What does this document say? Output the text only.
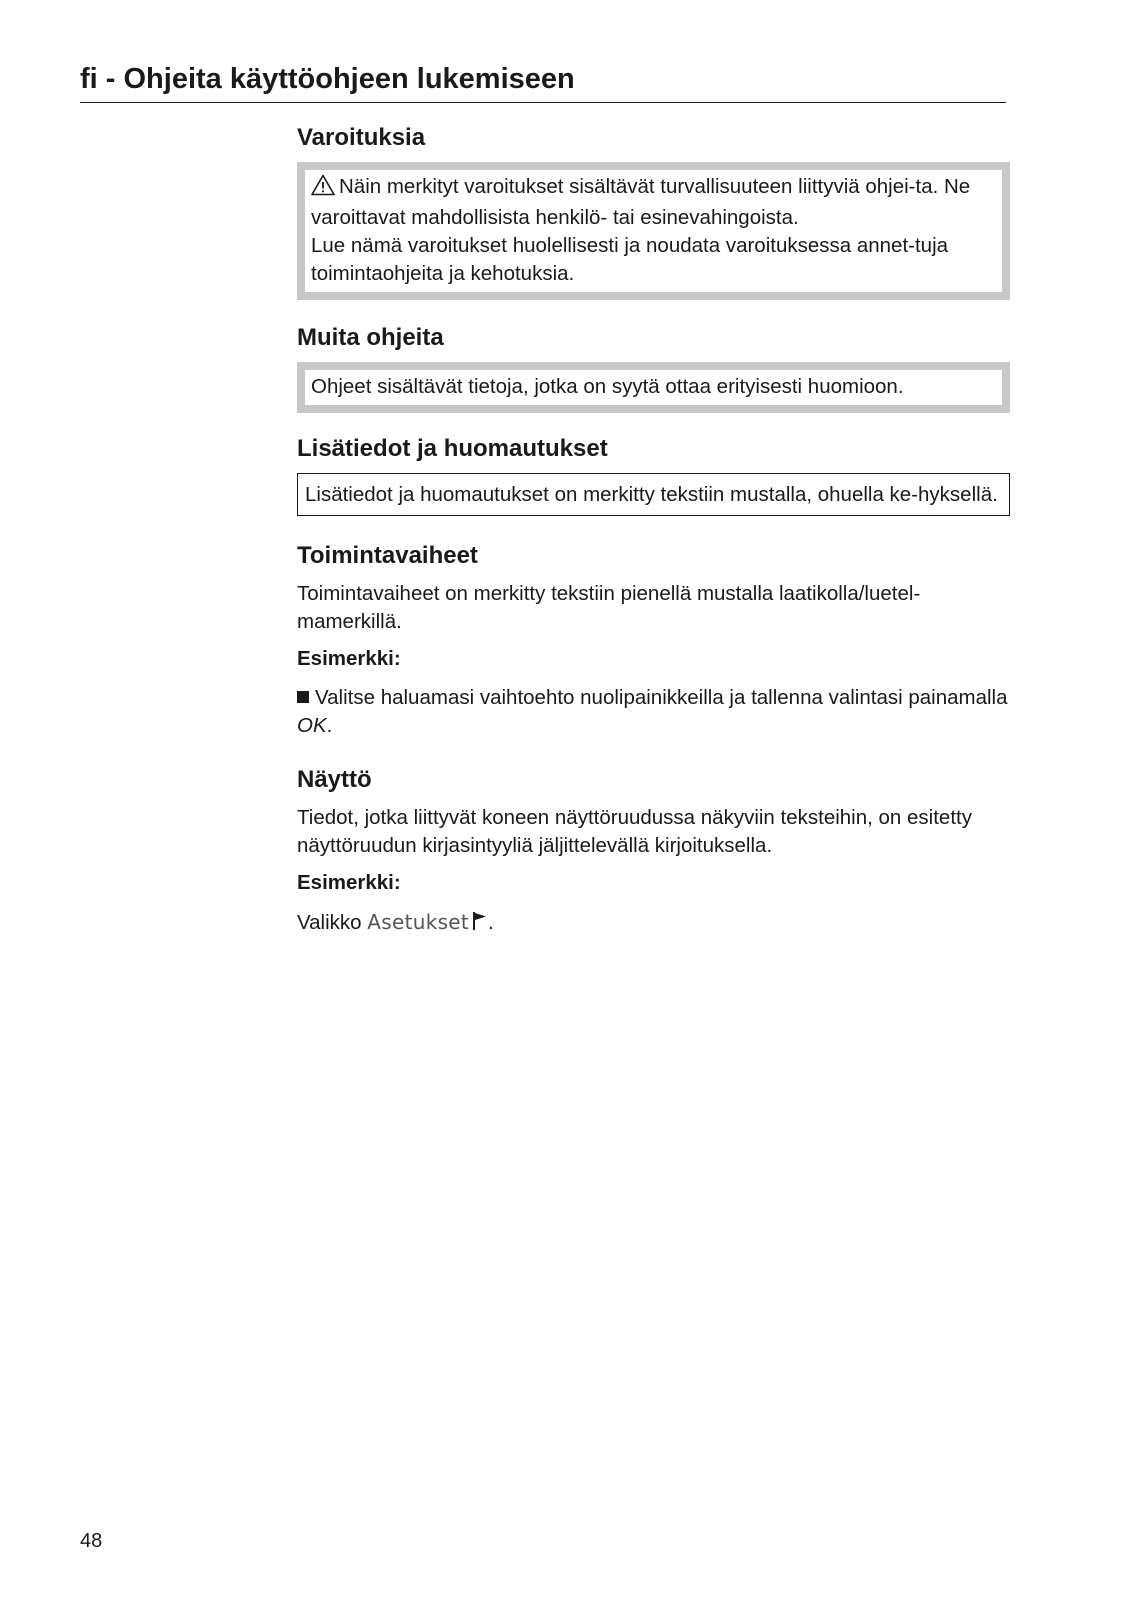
fi - Ohjeita käyttöohjeen lukemiseen
Varoituksia

Näin merkityt varoitukset sisältävät turvallisuuteen liittyviä ohjei-ta. Ne varoittavat mahdollisista henkilö- tai esinevahingoista.

Lue nämä varoitukset huolellisesti ja noudata varoituksessa annet-tuja toimintaohjeita ja kehotuksia.

Muita ohjeita

Ohjeet sisältävät tietoja, jotka on syytä ottaa erityisesti huomioon.

Lisätiedot ja huomautukset

Lisätiedot ja huomautukset on merkitty tekstiin mustalla, ohuella ke-hyksellä.

Toimintavaiheet

Toimintavaiheet on merkitty tekstiin pienellä mustalla laatikolla/luetel-mamerkillä.

Esimerkki:

Valitse haluamasi vaihtoehto nuolipainikkeilla ja tallenna valintasi painamalla OK.

Näyttö

Tiedot, jotka liittyvät koneen näyttöruudussa näkyviin teksteihin, on esitetty näyttöruudun kirjasintyyliä jäljittelevällä kirjoituksella.

Esimerkki:

Valikko Asetukset .

48
